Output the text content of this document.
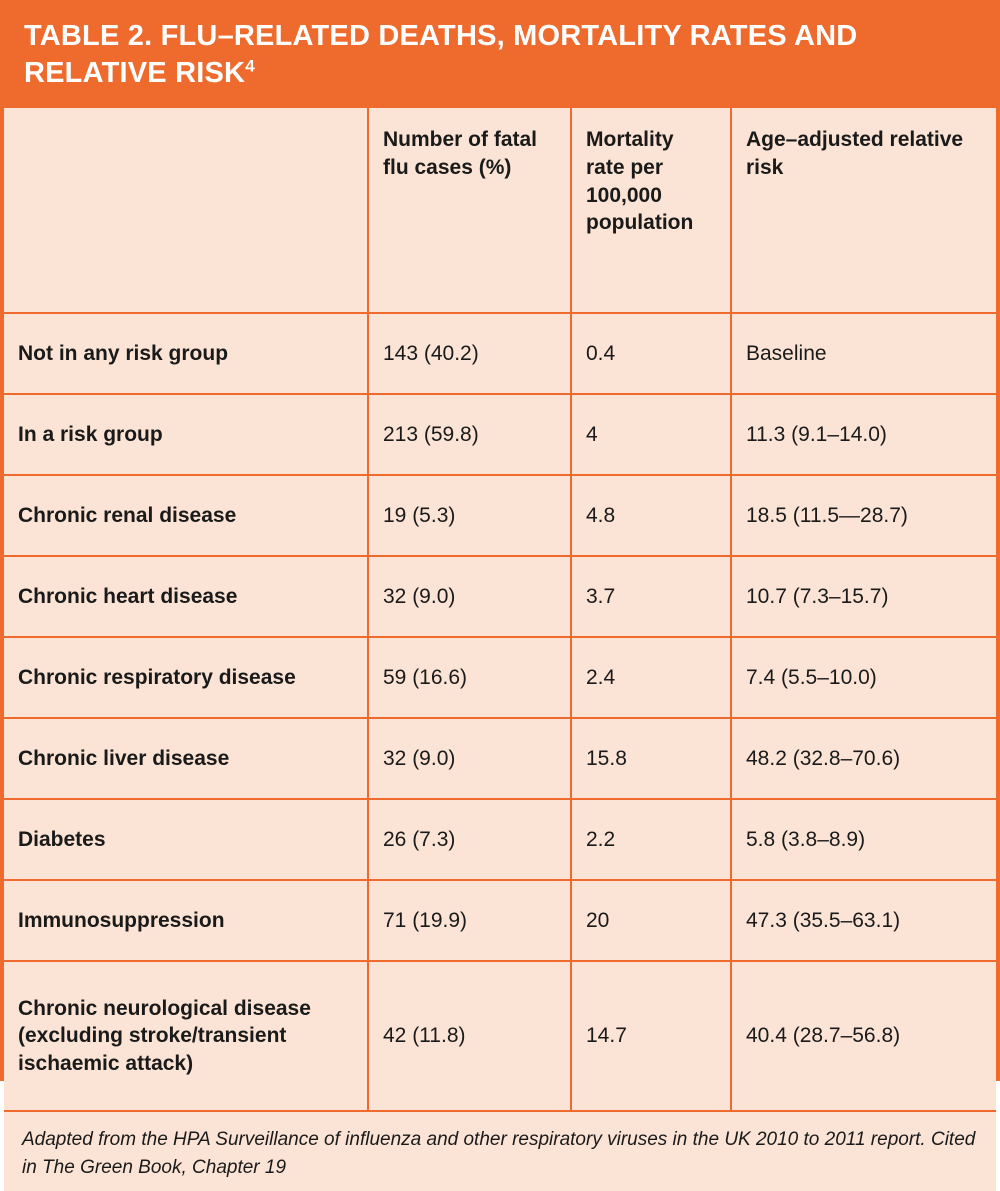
TABLE 2. FLU–RELATED DEATHS, MORTALITY RATES AND RELATIVE RISK$^4$
	Number of fatal flu cases (%)	Mortality rate per 100,000 population	Age–adjusted relative risk
Not in any risk group	143 (40.2)	0.4	Baseline
In a risk group	213 (59.8)	4	11.3 (9.1–14.0)
Chronic renal disease	19 (5.3)	4.8	18.5 (11.5—28.7)
Chronic heart disease	32 (9.0)	3.7	10.7 (7.3–15.7)
Chronic respiratory disease	59 (16.6)	2.4	7.4 (5.5–10.0)
Chronic liver disease	32 (9.0)	15.8	48.2 (32.8–70.6)
Diabetes	26 (7.3)	2.2	5.8 (3.8–8.9)
Immunosuppression	71 (19.9)	20	47.3 (35.5–63.1)
Chronic neurological disease (excluding stroke/transient ischaemic attack)	42 (11.8)	14.7	40.4 (28.7–56.8)
Adapted from the HPA Surveillance of influenza and other respiratory viruses in the UK 2010 to 2011 report. Cited in The Green Book, Chapter 19
